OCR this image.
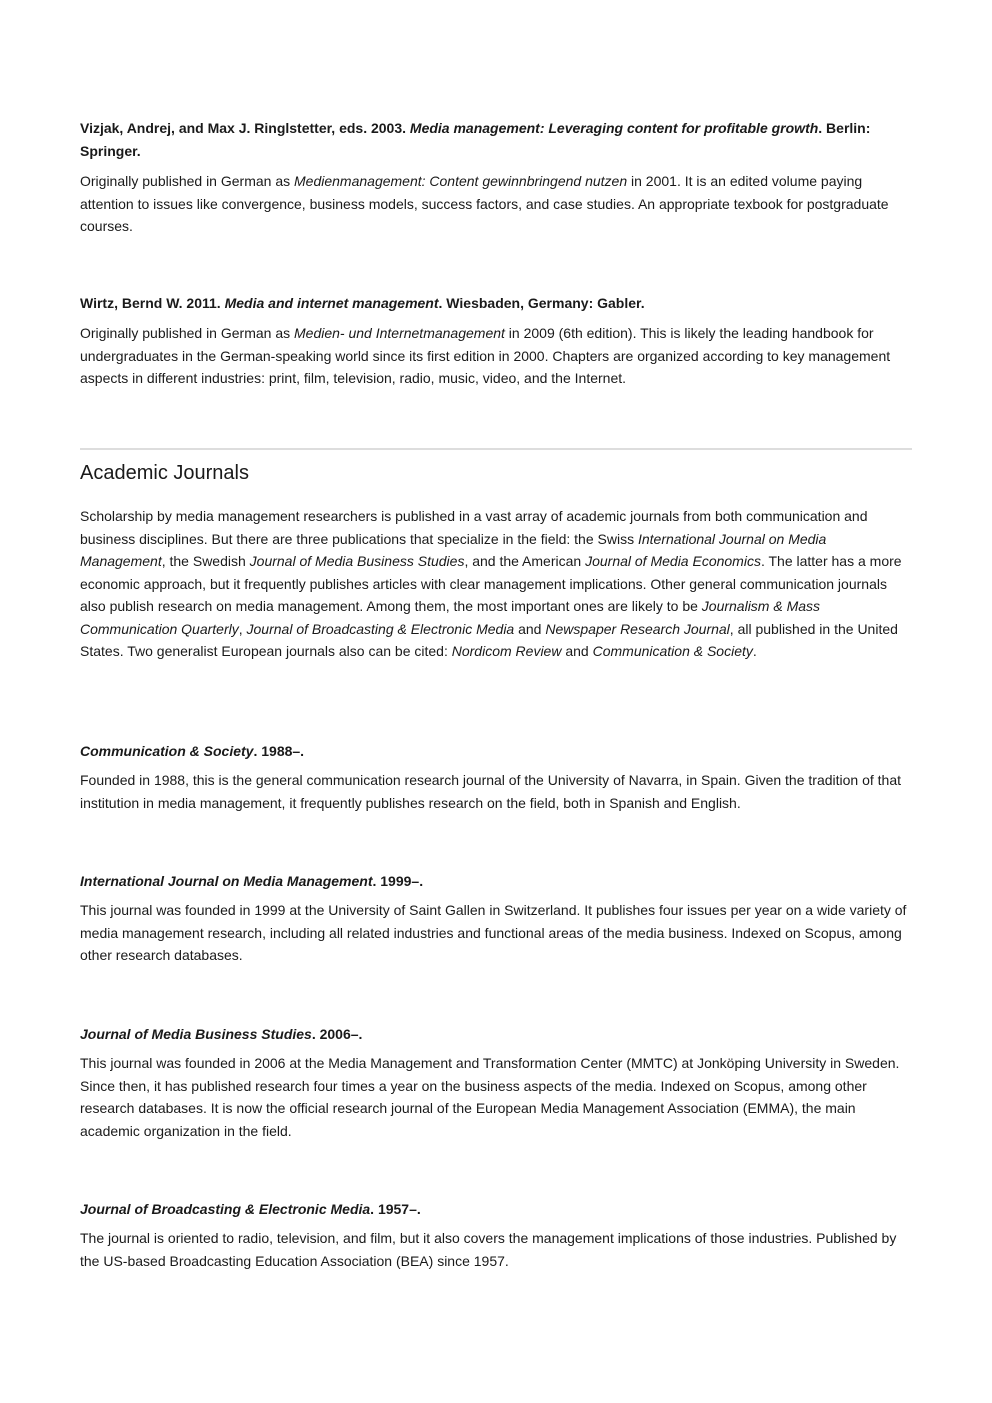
Vizjak, Andrej, and Max J. Ringlstetter, eds. 2003. Media management: Leveraging content for profitable growth. Berlin: Springer.

Originally published in German as Medienmanagement: Content gewinnbringend nutzen in 2001. It is an edited volume paying attention to issues like convergence, business models, success factors, and case studies. An appropriate texbook for postgraduate courses.

Wirtz, Bernd W. 2011. Media and internet management. Wiesbaden, Germany: Gabler.

Originally published in German as Medien- und Internetmanagement in 2009 (6th edition). This is likely the leading handbook for undergraduates in the German-speaking world since its first edition in 2000. Chapters are organized according to key management aspects in different industries: print, film, television, radio, music, video, and the Internet.

Academic Journals

Scholarship by media management researchers is published in a vast array of academic journals from both communication and business disciplines. But there are three publications that specialize in the field: the Swiss International Journal on Media Management, the Swedish Journal of Media Business Studies, and the American Journal of Media Economics. The latter has a more economic approach, but it frequently publishes articles with clear management implications. Other general communication journals also publish research on media management. Among them, the most important ones are likely to be Journalism & Mass Communication Quarterly, Journal of Broadcasting & Electronic Media and Newspaper Research Journal, all published in the United States. Two generalist European journals also can be cited: Nordicom Review and Communication & Society.

Communication & Society. 1988–.

Founded in 1988, this is the general communication research journal of the University of Navarra, in Spain. Given the tradition of that institution in media management, it frequently publishes research on the field, both in Spanish and English.

International Journal on Media Management. 1999–.

This journal was founded in 1999 at the University of Saint Gallen in Switzerland. It publishes four issues per year on a wide variety of media management research, including all related industries and functional areas of the media business. Indexed on Scopus, among other research databases.

Journal of Media Business Studies. 2006–.

This journal was founded in 2006 at the Media Management and Transformation Center (MMTC) at Jonköping University in Sweden. Since then, it has published research four times a year on the business aspects of the media. Indexed on Scopus, among other research databases. It is now the official research journal of the European Media Management Association (EMMA), the main academic organization in the field.

Journal of Broadcasting & Electronic Media. 1957–.

The journal is oriented to radio, television, and film, but it also covers the management implications of those industries. Published by the US-based Broadcasting Education Association (BEA) since 1957.
